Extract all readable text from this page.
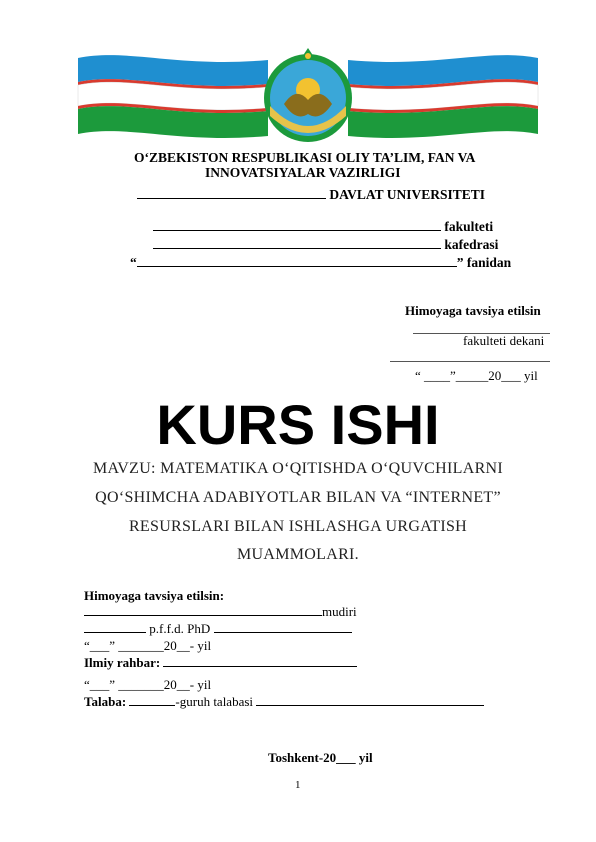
O‘ZBEKISTON RESPUBLIKASI OLIY TA’LIM, FAN VA
INNOVATSIYALAR VAZIRLIGI
DAVLAT UNIVERSITETI
fakulteti
kafedrasi
“	” fanidan
Himoyaga tavsiya etilsin
fakulteti dekani
“ ____”_____20___ yil
KURS ISHI
MAVZU: MATEMATIKA O‘QITISHDA O‘QUVCHILARNI
QO‘SHIMCHA ADABIYOTLAR BILAN VA “INTERNET”
RESURSLARI BILAN ISHLASHGA URGATISH
MUAMMOLARI.
Himoyaga tavsiya etilsin:
mudiri
p.f.f.d. PhD
“___” _______20__- yil
Ilmiy rahbar:
“___” _______20__- yil
Talaba:	-guruh talabasi
Toshkent-20___ yil
1
